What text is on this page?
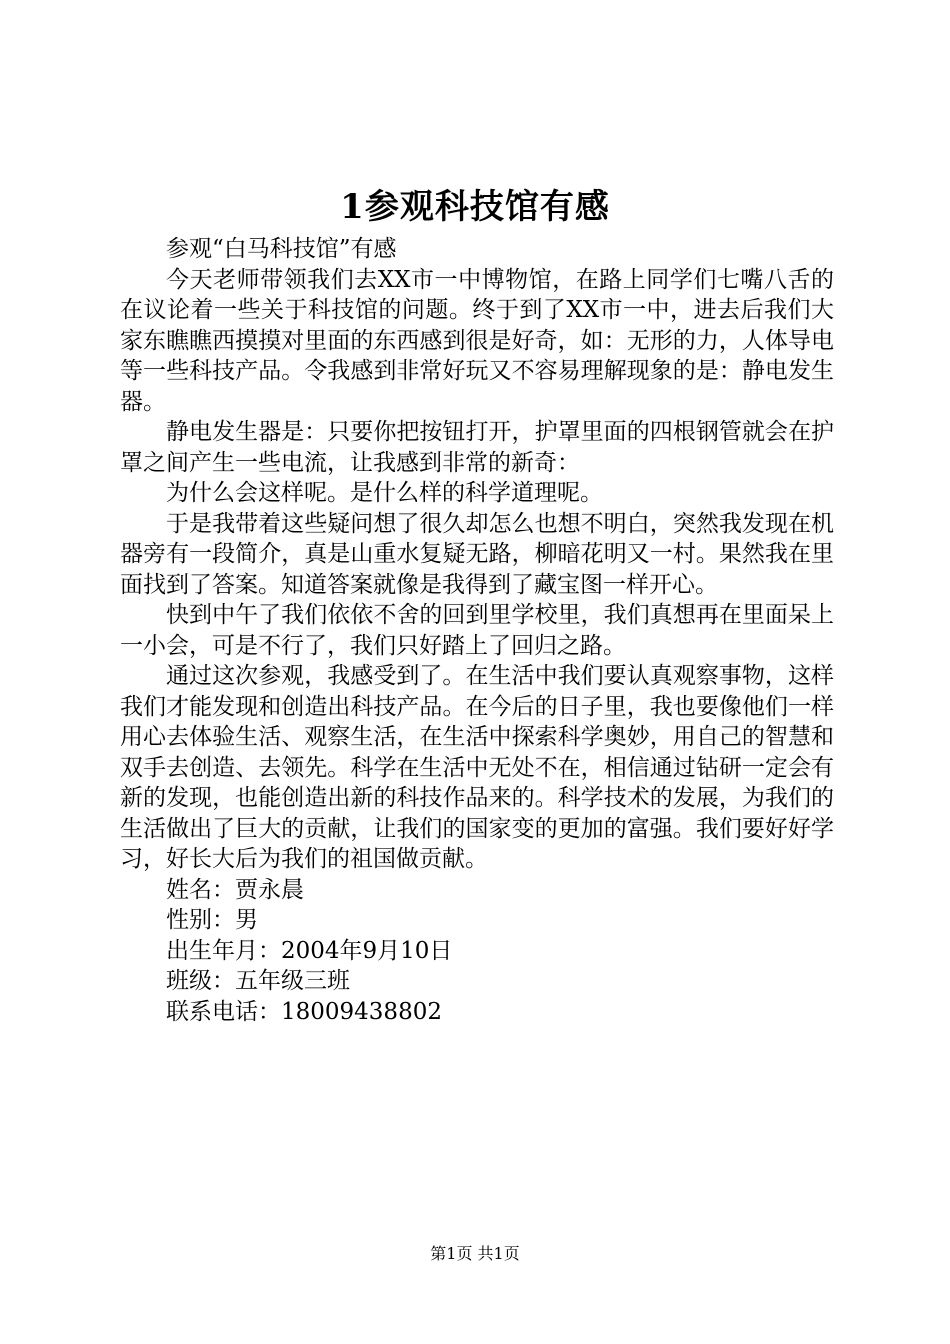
1参观科技馆有感

参观“白马科技馆”有感

今天老师带领我们去XX市一中博物馆，在路上同学们七嘴八舌的在议论着一些关于科技馆的问题。终于到了XX市一中，进去后我们大家东瞧瞧西摸摸对里面的东西感到很是好奇，如：无形的力，人体导电等一些科技产品。令我感到非常好玩又不容易理解现象的是：静电发生器。

静电发生器是：只要你把按钮打开，护罩里面的四根钢管就会在护罩之间产生一些电流，让我感到非常的新奇：

为什么会这样呢。是什么样的科学道理呢。

于是我带着这些疑问想了很久却怎么也想不明白，突然我发现在机器旁有一段简介，真是山重水复疑无路，柳暗花明又一村。果然我在里面找到了答案。知道答案就像是我得到了藏宝图一样开心。

快到中午了我们依依不舍的回到里学校里，我们真想再在里面呆上一小会，可是不行了，我们只好踏上了回归之路。

通过这次参观，我感受到了。在生活中我们要认真观察事物，这样我们才能发现和创造出科技产品。在今后的日子里，我也要像他们一样用心去体验生活、观察生活，在生活中探索科学奥妙，用自己的智慧和双手去创造、去领先。科学在生活中无处不在，相信通过钻研一定会有新的发现，也能创造出新的科技作品来的。科学技术的发展，为我们的生活做出了巨大的贡献，让我们的国家变的更加的富强。我们要好好学习，好长大后为我们的祖国做贡献。

姓名：贾永晨

性别：男

出生年月：2004年9月10日

班级：五年级三班

联系电话：18009438802

第1页 共1页
